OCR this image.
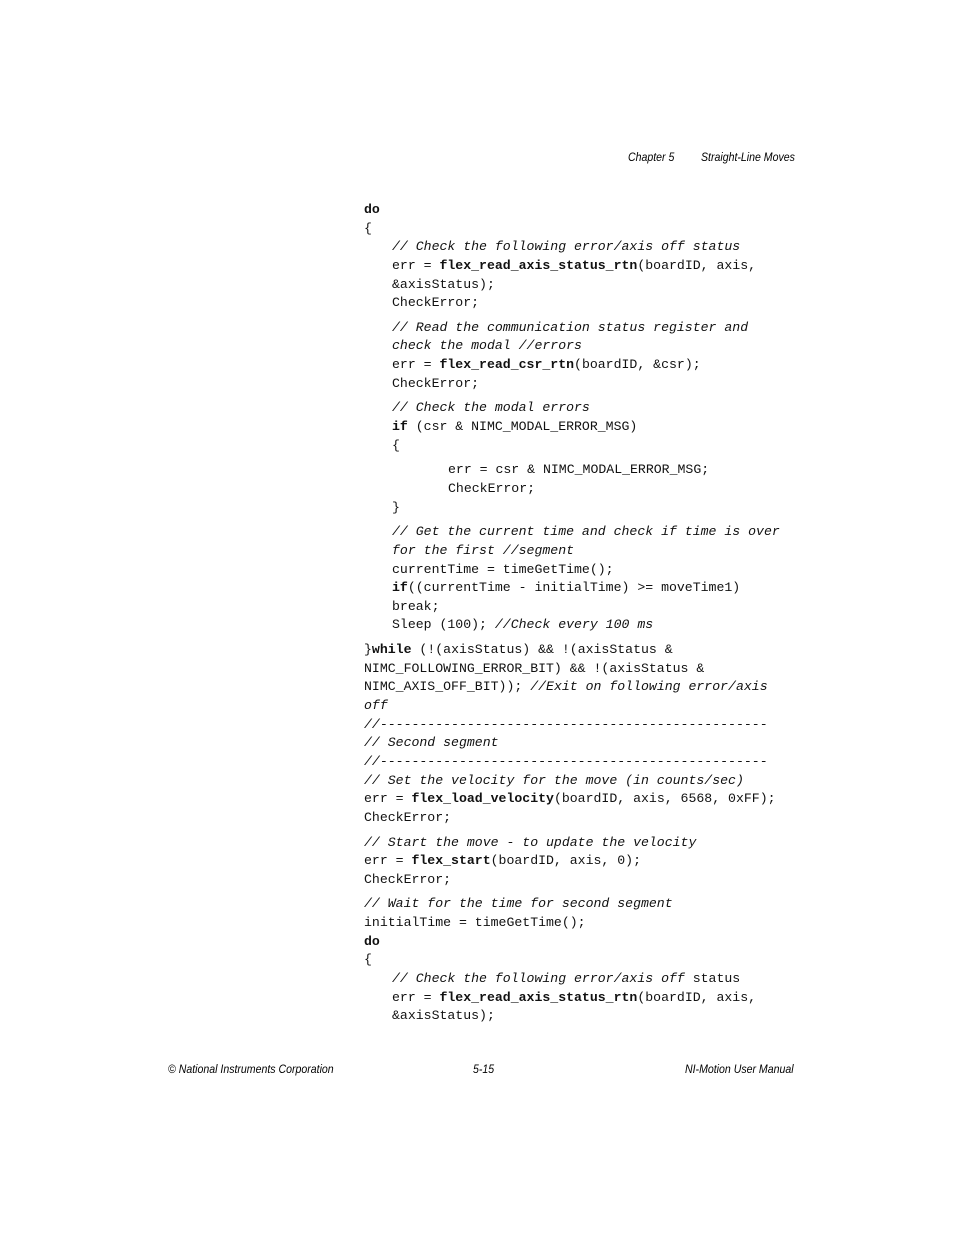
Chapter 5 Straight-Line Moves
do
{
// Check the following error/axis off status
err = flex_read_axis_status_rtn(boardID, axis,
&axisStatus);
CheckError;
// Read the communication status register and
check the modal //errors
err = flex_read_csr_rtn(boardID, &csr);
CheckError;
// Check the modal errors
if (csr & NIMC_MODAL_ERROR_MSG)
{
err = csr & NIMC_MODAL_ERROR_MSG;
CheckError;
}
// Get the current time and check if time is over
for the first //segment
currentTime = timeGetTime();
if((currentTime - initialTime) >= moveTime1)
break;
Sleep (100); //Check every 100 ms
}while (!(axisStatus) && !(axisStatus &
NIMC_FOLLOWING_ERROR_BIT) && !(axisStatus &
NIMC_AXIS_OFF_BIT)); //Exit on following error/axis
off
//-------------------------------------------------
// Second segment
//-------------------------------------------------
// Set the velocity for the move (in counts/sec)
err = flex_load_velocity(boardID, axis, 6568, 0xFF);
CheckError;
// Start the move - to update the velocity
err = flex_start(boardID, axis, 0);
CheckError;
// Wait for the time for second segment
initialTime = timeGetTime();
do
{
// Check the following error/axis off status
err = flex_read_axis_status_rtn(boardID, axis,
&axisStatus);
© National Instruments Corporation	5-15	NI-Motion User Manual
